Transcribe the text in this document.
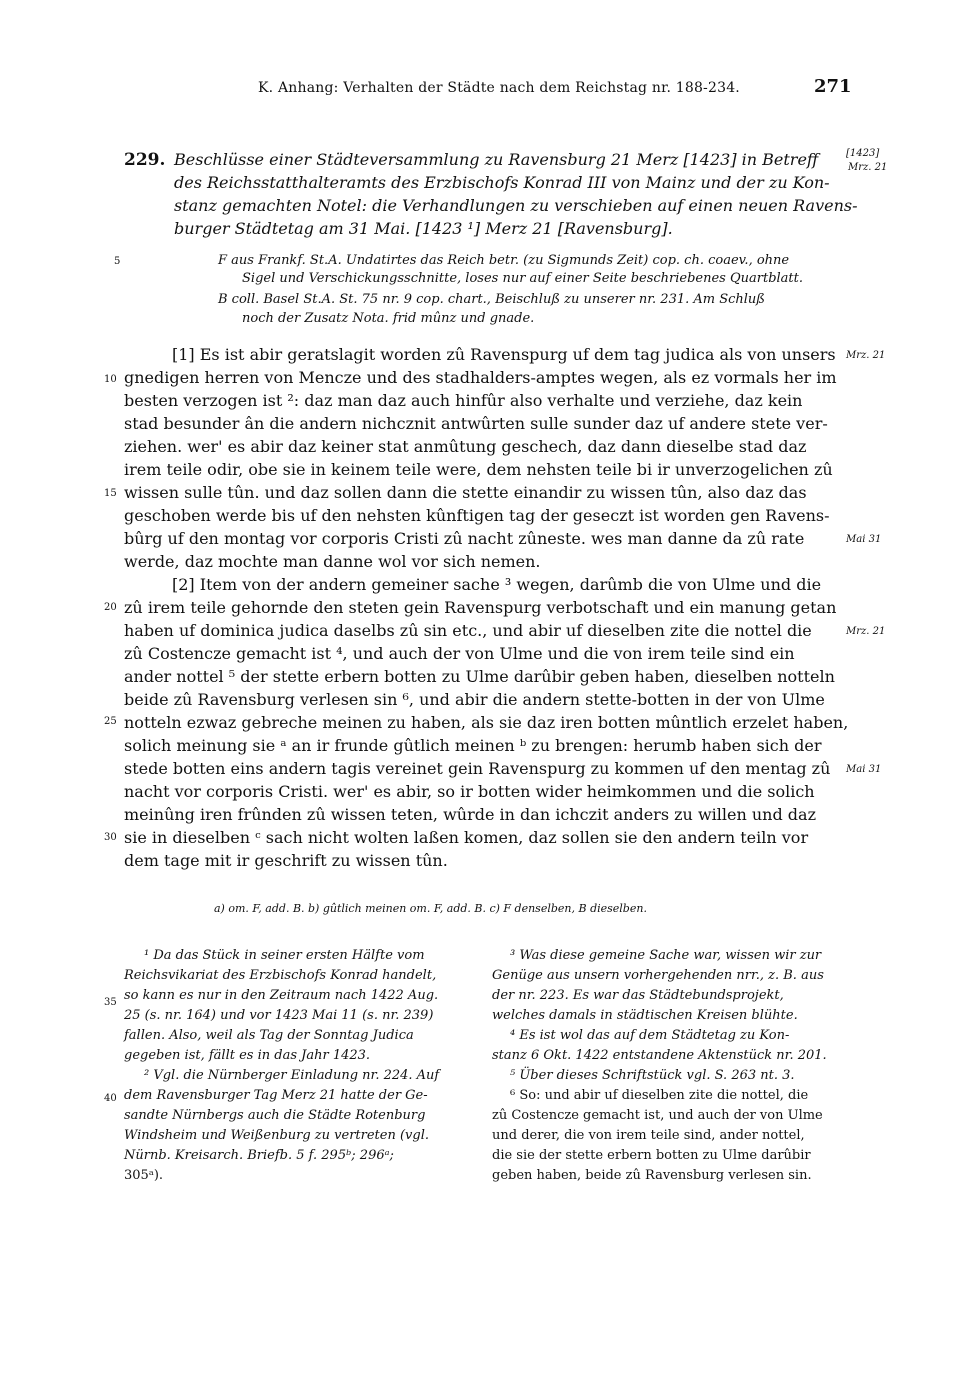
K. Anhang: Verhalten der Städte nach dem Reichstag nr. 188-234.	271
229. Beschlüsse einer Städteversammlung zu Ravensburg 21 Merz [1423] in Betreff
des Reichsstatthalteramts des Erzbischofs Konrad III von Mainz und der zu Kon-
stanz gemachten Notel: die Verhandlungen zu verschieben auf einen neuen Ravens-
burger Städtetag am 31 Mai. [1423 ¹] Merz 21 [Ravensburg].
[1423]
Mrz. 21
F aus Frankf. St.A. Undatirtes das Reich betr. (zu Sigmunds Zeit) cop. ch. coaev., ohne
Sigel und Verschickungsschnitte, loses nur auf einer Seite beschriebenes Quartblatt.
B coll. Basel St.A. St. 75 nr. 9 cop. chart., Beischluß zu unserer nr. 231. Am Schluß
noch der Zusatz Nota. frid mûnz und gnade.
5
10
15
20
25
30
35
40
[1] Es ist abir geratslagit worden zû Ravenspurg uf dem tag judica als von unsers
gnedigen herren von Mencze und des stadhalders-amptes wegen, als ez vormals her im
besten verzogen ist ²: daz man daz auch hinfûr also verhalte und verziehe, daz kein
stad besunder ân die andern nichcznit antwûrten sulle sunder daz uf andere stete ver-
ziehen. wer' es abir daz keiner stat anmûtung geschech, daz dann dieselbe stad daz
irem teile odir, obe sie in keinem teile were, dem nehsten teile bi ir unverzogelichen zû
wissen sulle tûn. und daz sollen dann die stette einandir zu wissen tûn, also daz das
geschoben werde bis uf den nehsten kûnftigen tag der geseczt ist worden gen Ravens-
bûrg uf den montag vor corporis Cristi zû nacht zûneste. wes man danne da zû rate
werde, daz mochte man danne wol vor sich nemen.
[2] Item von der andern gemeiner sache ³ wegen, darûmb die von Ulme und die
zû irem teile gehornde den steten gein Ravenspurg verbotschaft und ein manung getan
haben uf dominica judica daselbs zû sin etc., und abir uf dieselben zite die nottel die
zû Costencze gemacht ist ⁴, und auch der von Ulme und die von irem teile sind ein
ander nottel ⁵ der stette erbern botten zu Ulme darûbir geben haben, dieselben notteln
beide zû Ravensburg verlesen sin ⁶, und abir die andern stette-botten in der von Ulme
notteln ezwaz gebreche meinen zu haben, als sie daz iren botten mûntlich erzelet haben,
solich meinung sie ᵃ an ir frunde gûtlich meinen ᵇ zu brengen: herumb haben sich der
stede botten eins andern tagis vereinet gein Ravenspurg zu kommen uf den mentag zû
nacht vor corporis Cristi. wer' es abir, so ir botten wider heimkommen und die solich
meinûng iren frûnden zû wissen teten, wûrde in dan ichczit anders zu willen und daz
sie in dieselben ᶜ sach nicht wolten laßen komen, daz sollen sie den andern teiln vor
dem tage mit ir geschrift zu wissen tûn.
Mrz. 21
Mai 31
Mrz. 21
Mai 31
a) om. F, add. B. b) gûtlich meinen om. F, add. B. c) F denselben, B dieselben.
¹ Da das Stück in seiner ersten Hälfte vom
Reichsvikariat des Erzbischofs Konrad handelt,
so kann es nur in den Zeitraum nach 1422 Aug.
25 (s. nr. 164) und vor 1423 Mai 11 (s. nr. 239)
fallen. Also, weil als Tag der Sonntag Judica
gegeben ist, fällt es in das Jahr 1423.
² Vgl. die Nürnberger Einladung nr. 224. Auf
dem Ravensburger Tag Merz 21 hatte der Ge-
sandte Nürnbergs auch die Städte Rotenburg
Windsheim und Weißenburg zu vertreten (vgl.
Nürnb. Kreisarch. Briefb. 5 f. 295ᵇ; 296ᵃ;
305ᵃ).
³ Was diese gemeine Sache war, wissen wir zur
Genüge aus unsern vorhergehenden nrr., z. B. aus
der nr. 223. Es war das Städtebundsprojekt,
welches damals in städtischen Kreisen blühte.
⁴ Es ist wol das auf dem Städtetag zu Kon-
stanz 6 Okt. 1422 entstandene Aktenstück nr. 201.
⁵ Über dieses Schriftstück vgl. S. 263 nt. 3.
⁶ So: und abir uf dieselben zite die nottel, die
zû Costencze gemacht ist, und auch der von Ulme
und derer, die von irem teile sind, ander nottel,
die sie der stette erbern botten zu Ulme darûbir
geben haben, beide zû Ravensburg verlesen sin.
